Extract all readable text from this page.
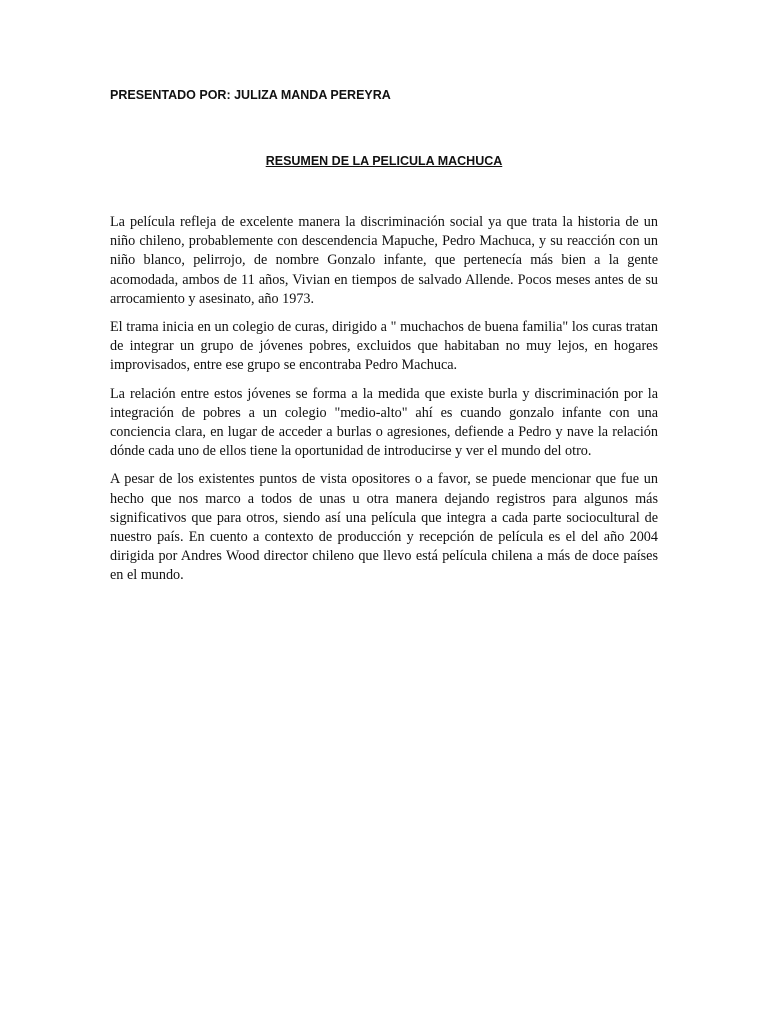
PRESENTADO POR: JULIZA MANDA PEREYRA
RESUMEN DE LA PELICULA MACHUCA

La película refleja de excelente manera la discriminación social ya que trata la historia de un niño chileno, probablemente con descendencia Mapuche, Pedro Machuca, y su reacción con un niño blanco, pelirrojo, de nombre Gonzalo infante, que pertenecía más bien a la gente acomodada, ambos de 11 años, Vivian en tiempos de salvado Allende. Pocos meses antes de su arrocamiento y asesinato, año 1973.

El trama inicia en un colegio de curas, dirigido a " muchachos de buena familia" los curas tratan de integrar un grupo de jóvenes pobres, excluidos que habitaban no muy lejos, en hogares improvisados, entre ese grupo se encontraba Pedro Machuca.

La relación entre estos jóvenes se forma a la medida que existe burla y discriminación por la integración de pobres a un colegio "medio-alto" ahí es cuando gonzalo infante con una conciencia clara, en lugar de acceder a burlas o agresiones, defiende a Pedro y nave la relación dónde cada uno de ellos tiene la oportunidad de introducirse y ver el mundo del otro.

A pesar de los existentes puntos de vista opositores o a favor, se puede mencionar que fue un hecho que nos marco a todos de unas u otra manera dejando registros para algunos más significativos que para otros, siendo así una película que integra a cada parte sociocultural de nuestro país. En cuento a contexto de producción y recepción de película es el del año 2004 dirigida por Andres Wood director chileno que llevo está película chilena a más de doce países en el mundo.
